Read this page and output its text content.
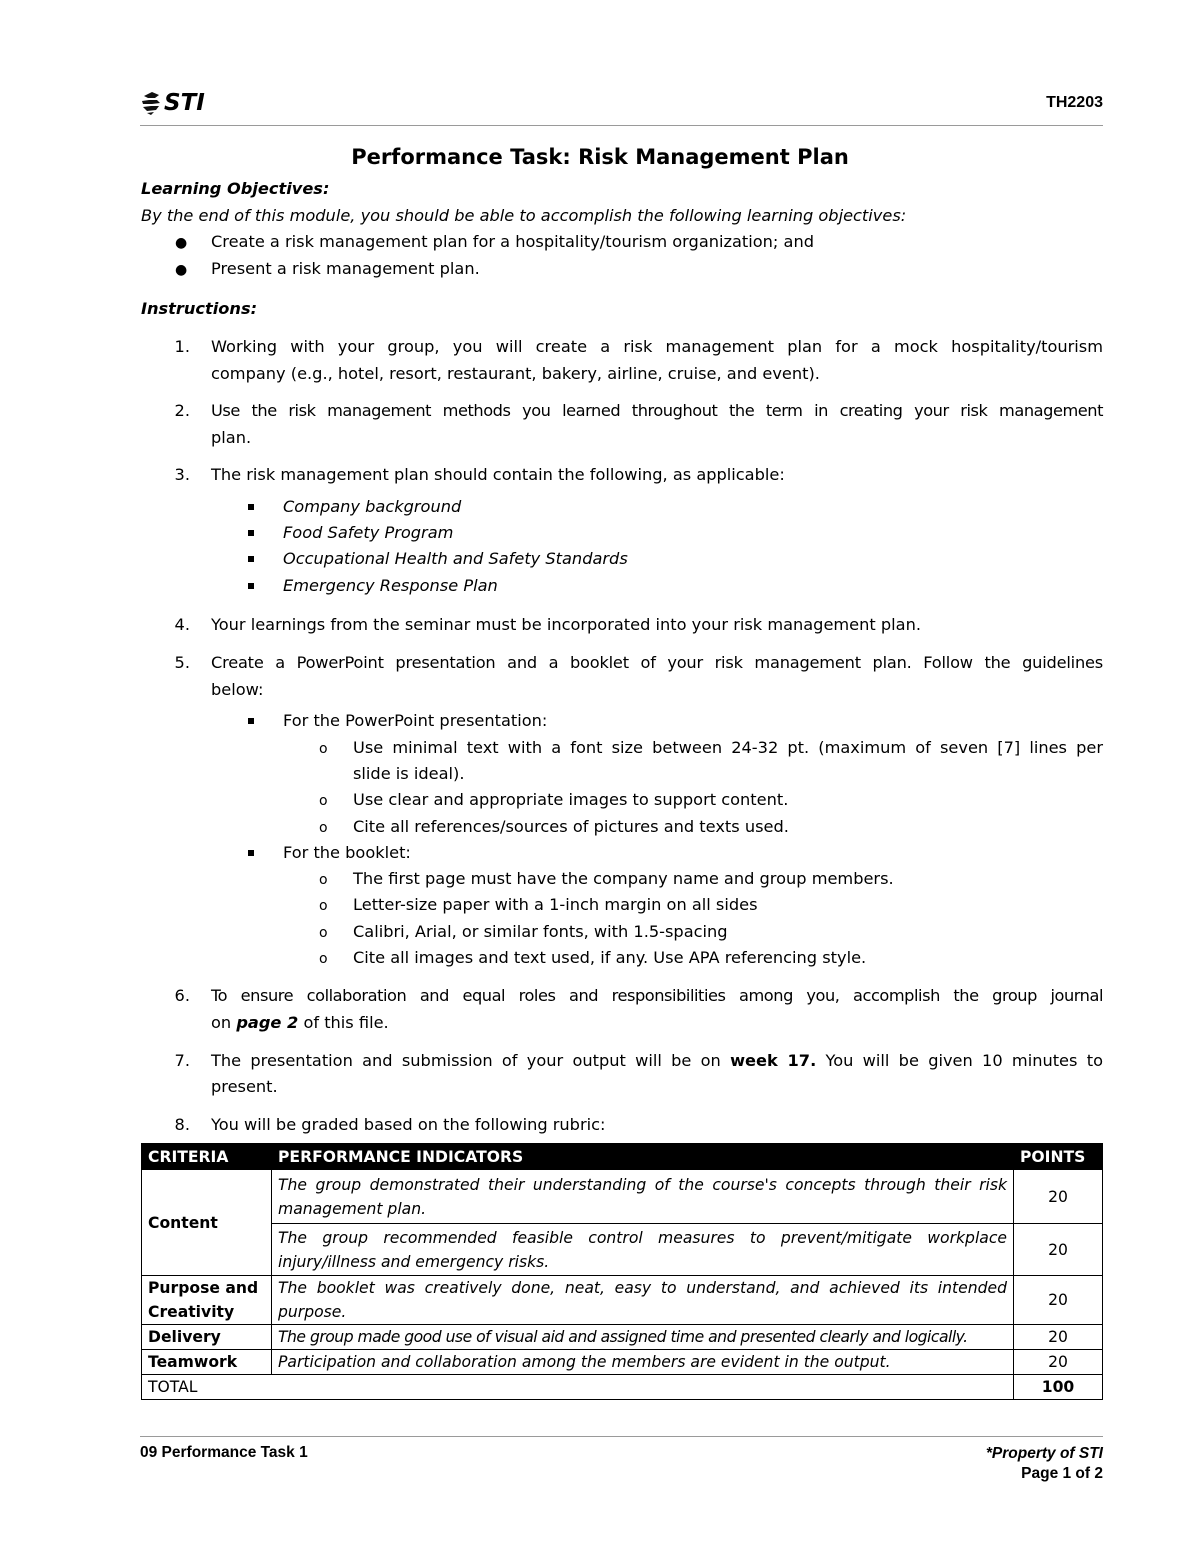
STI	TH2203
Performance Task: Risk Management Plan
Learning Objectives:
By the end of this module, you should be able to accomplish the following learning objectives:
● Create a risk management plan for a hospitality/tourism organization; and
● Present a risk management plan.
Instructions:
1. Working with your group, you will create a risk management plan for a mock hospitality/tourism
company (e.g., hotel, resort, restaurant, bakery, airline, cruise, and event).
2. Use the risk management methods you learned throughout the term in creating your risk management
plan.
3. The risk management plan should contain the following, as applicable:
Company background
Food Safety Program
Occupational Health and Safety Standards
Emergency Response Plan
4. Your learnings from the seminar must be incorporated into your risk management plan.
5. Create a PowerPoint presentation and a booklet of your risk management plan. Follow the guidelines
below:
For the PowerPoint presentation:
o Use minimal text with a font size between 24-32 pt. (maximum of seven [7] lines per
slide is ideal).
o Use clear and appropriate images to support content.
o Cite all references/sources of pictures and texts used.
For the booklet:
o The first page must have the company name and group members.
o Letter-size paper with a 1-inch margin on all sides
o Calibri, Arial, or similar fonts, with 1.5-spacing
o Cite all images and text used, if any. Use APA referencing style.
6. To ensure collaboration and equal roles and responsibilities among you, accomplish the group journal
on page 2 of this file.
7. The presentation and submission of your output will be on week 17. You will be given 10 minutes to
present.
8. You will be graded based on the following rubric:
CRITERIA	PERFORMANCE INDICATORS	POINTS
Content	The group demonstrated their understanding of the course's concepts through their risk management plan.	20
	The group recommended feasible control measures to prevent/mitigate workplace injury/illness and emergency risks.	20
Purpose and Creativity	The booklet was creatively done, neat, easy to understand, and achieved its intended purpose.	20
Delivery	The group made good use of visual aid and assigned time and presented clearly and logically.	20
Teamwork	Participation and collaboration among the members are evident in the output.	20
TOTAL		100
09 Performance Task 1	*Property of STI
Page 1 of 2
